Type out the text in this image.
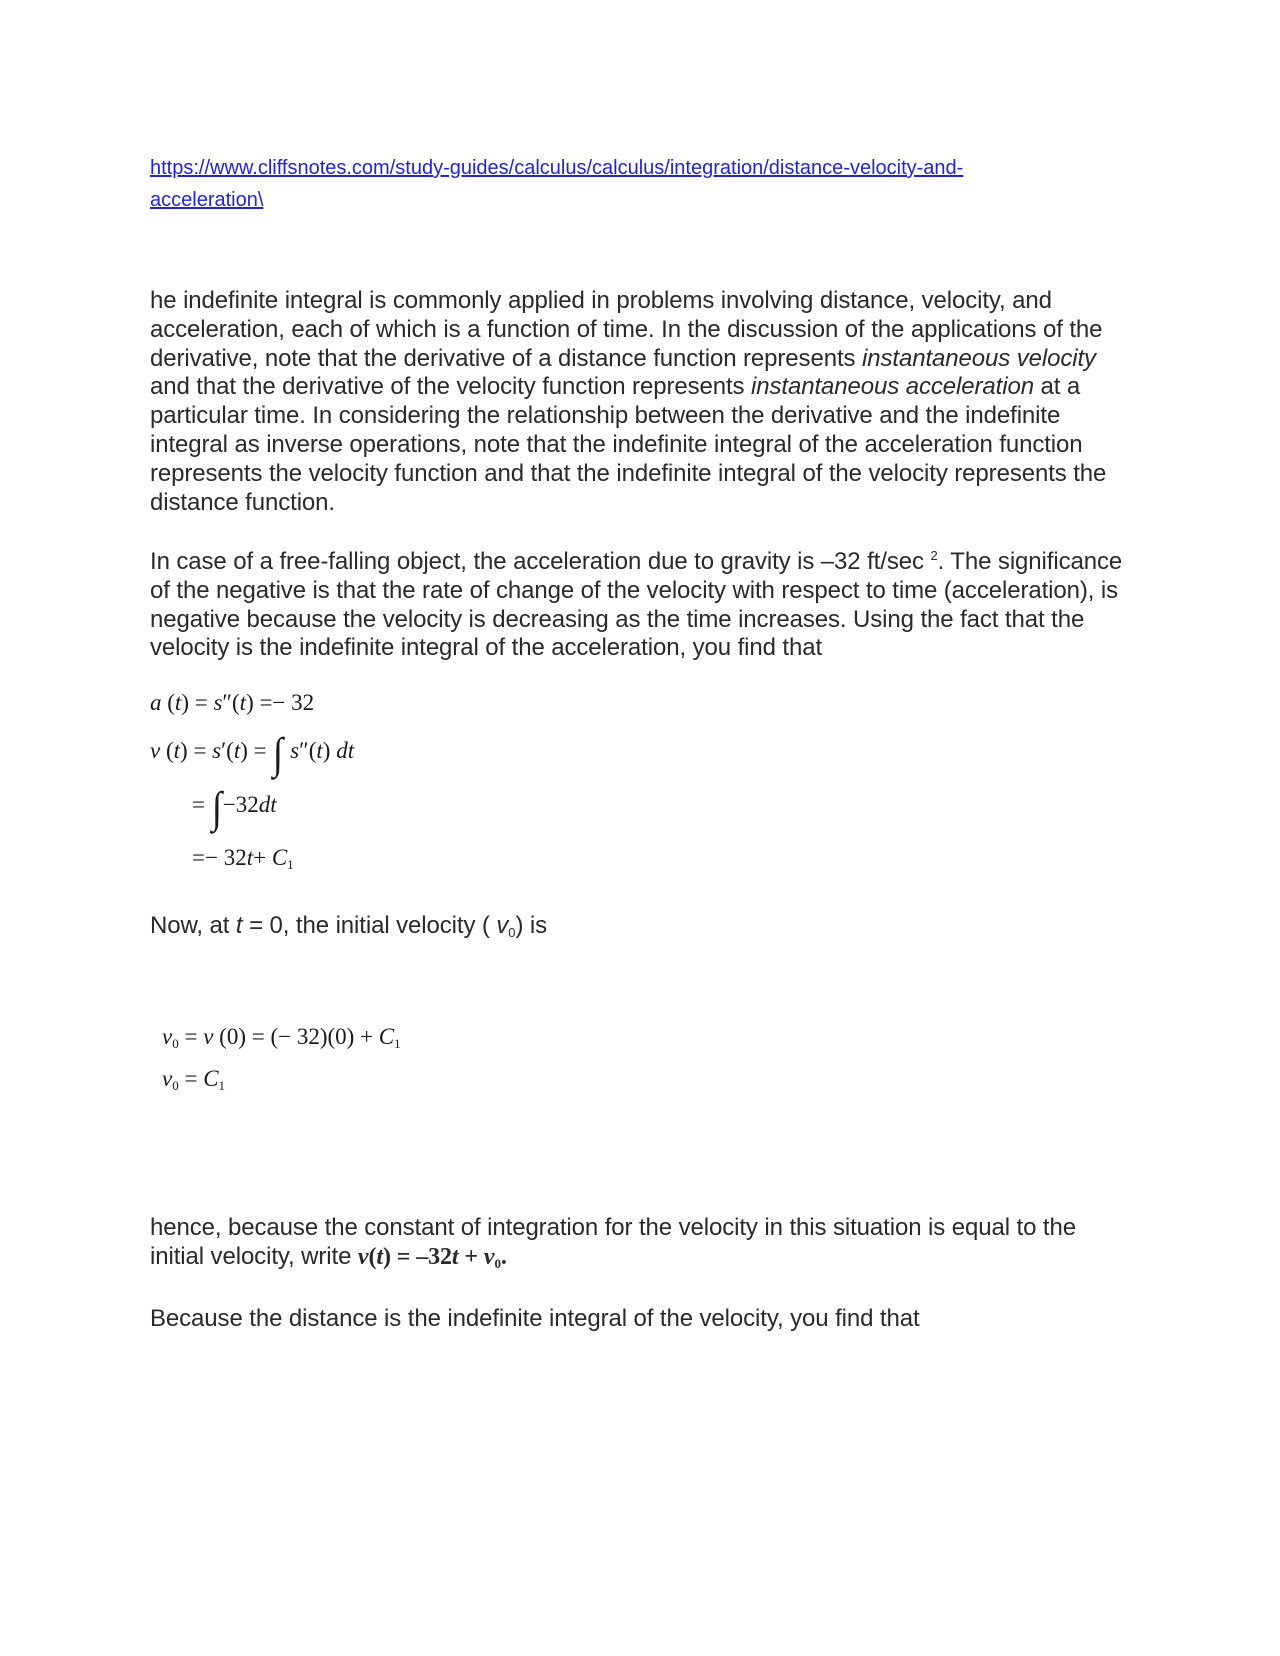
https://www.cliffsnotes.com/study-guides/calculus/calculus/integration/distance-velocity-and-
acceleration\

he indefinite integral is commonly applied in problems involving distance, velocity, and acceleration, each of which is a function of time. In the discussion of the applications of the derivative, note that the derivative of a distance function represents instantaneous velocity and that the derivative of the velocity function represents instantaneous acceleration at a particular time. In considering the relationship between the derivative and the indefinite integral as inverse operations, note that the indefinite integral of the acceleration function represents the velocity function and that the indefinite integral of the velocity represents the distance function.

In case of a free-falling object, the acceleration due to gravity is –32 ft/sec $^2$. The significance of the negative is that the rate of change of the velocity with respect to time (acceleration), is negative because the velocity is decreasing as the time increases. Using the fact that the velocity is the indefinite integral of the acceleration, you find that

a (t) = s″(t) =− 32
v (t) = s′(t) = ∫ s″(t) dt
= ∫−32dt
=− $32t+ C_1$

Now, at t = 0, the initial velocity ( $v_0$) is

$v_0 = v$ (0) = (− $32)(0) + C_1$
$v_0 = C_1$

hence, because the constant of integration for the velocity in this situation is equal to the initial velocity, write $v(t) = -32t + v_0$.

Because the distance is the indefinite integral of the velocity, you find that
